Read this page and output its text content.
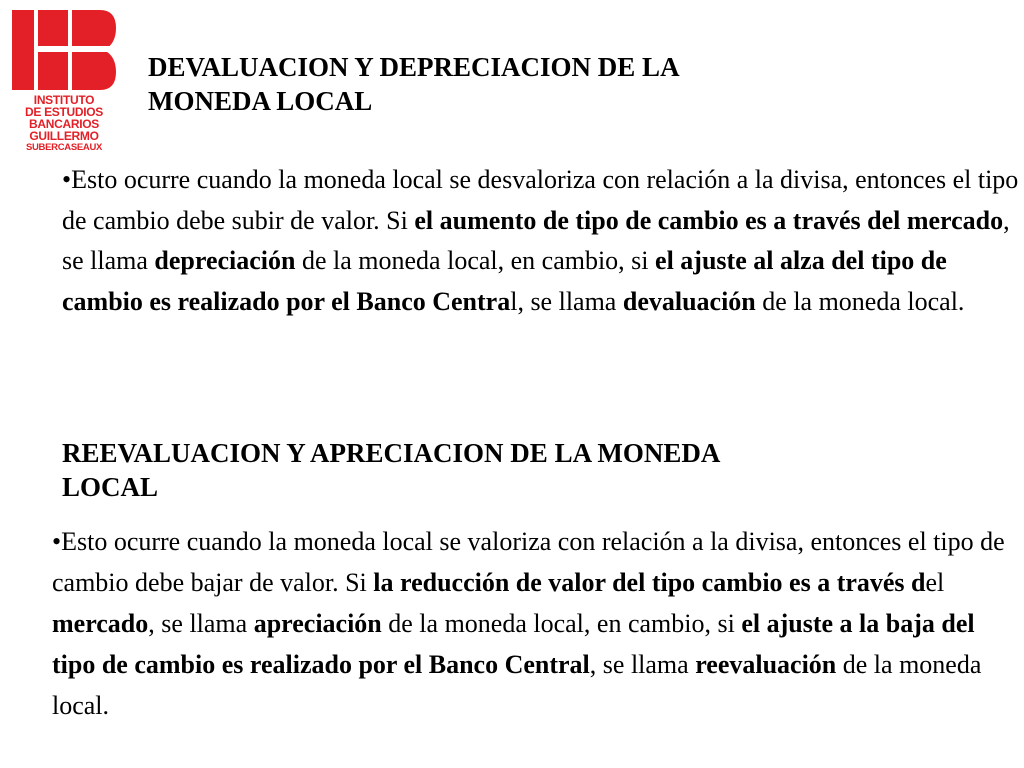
INSTITUTO
DE ESTUDIOS
BANCARIOS
GUILLERMO
SUBERCASEAUX
DEVALUACION Y DEPRECIACION DE LA
MONEDA LOCAL

•Esto ocurre cuando la moneda local se desvaloriza con relación a la divisa, entonces el tipo de cambio debe subir de valor. Si el aumento de tipo de cambio es a través del mercado, se llama depreciación de la moneda local, en cambio, si el ajuste al alza del tipo de cambio es realizado por el Banco Central, se llama devaluación de la moneda local.

REEVALUACION Y APRECIACION DE LA MONEDA
LOCAL

•Esto ocurre cuando la moneda local se valoriza con relación a la divisa, entonces el tipo de cambio debe bajar de valor. Si la reducción de valor del tipo cambio es a través del mercado, se llama apreciación de la moneda local, en cambio, si el ajuste a la baja del tipo de cambio es realizado por el Banco Central, se llama reevaluación de la moneda local.
